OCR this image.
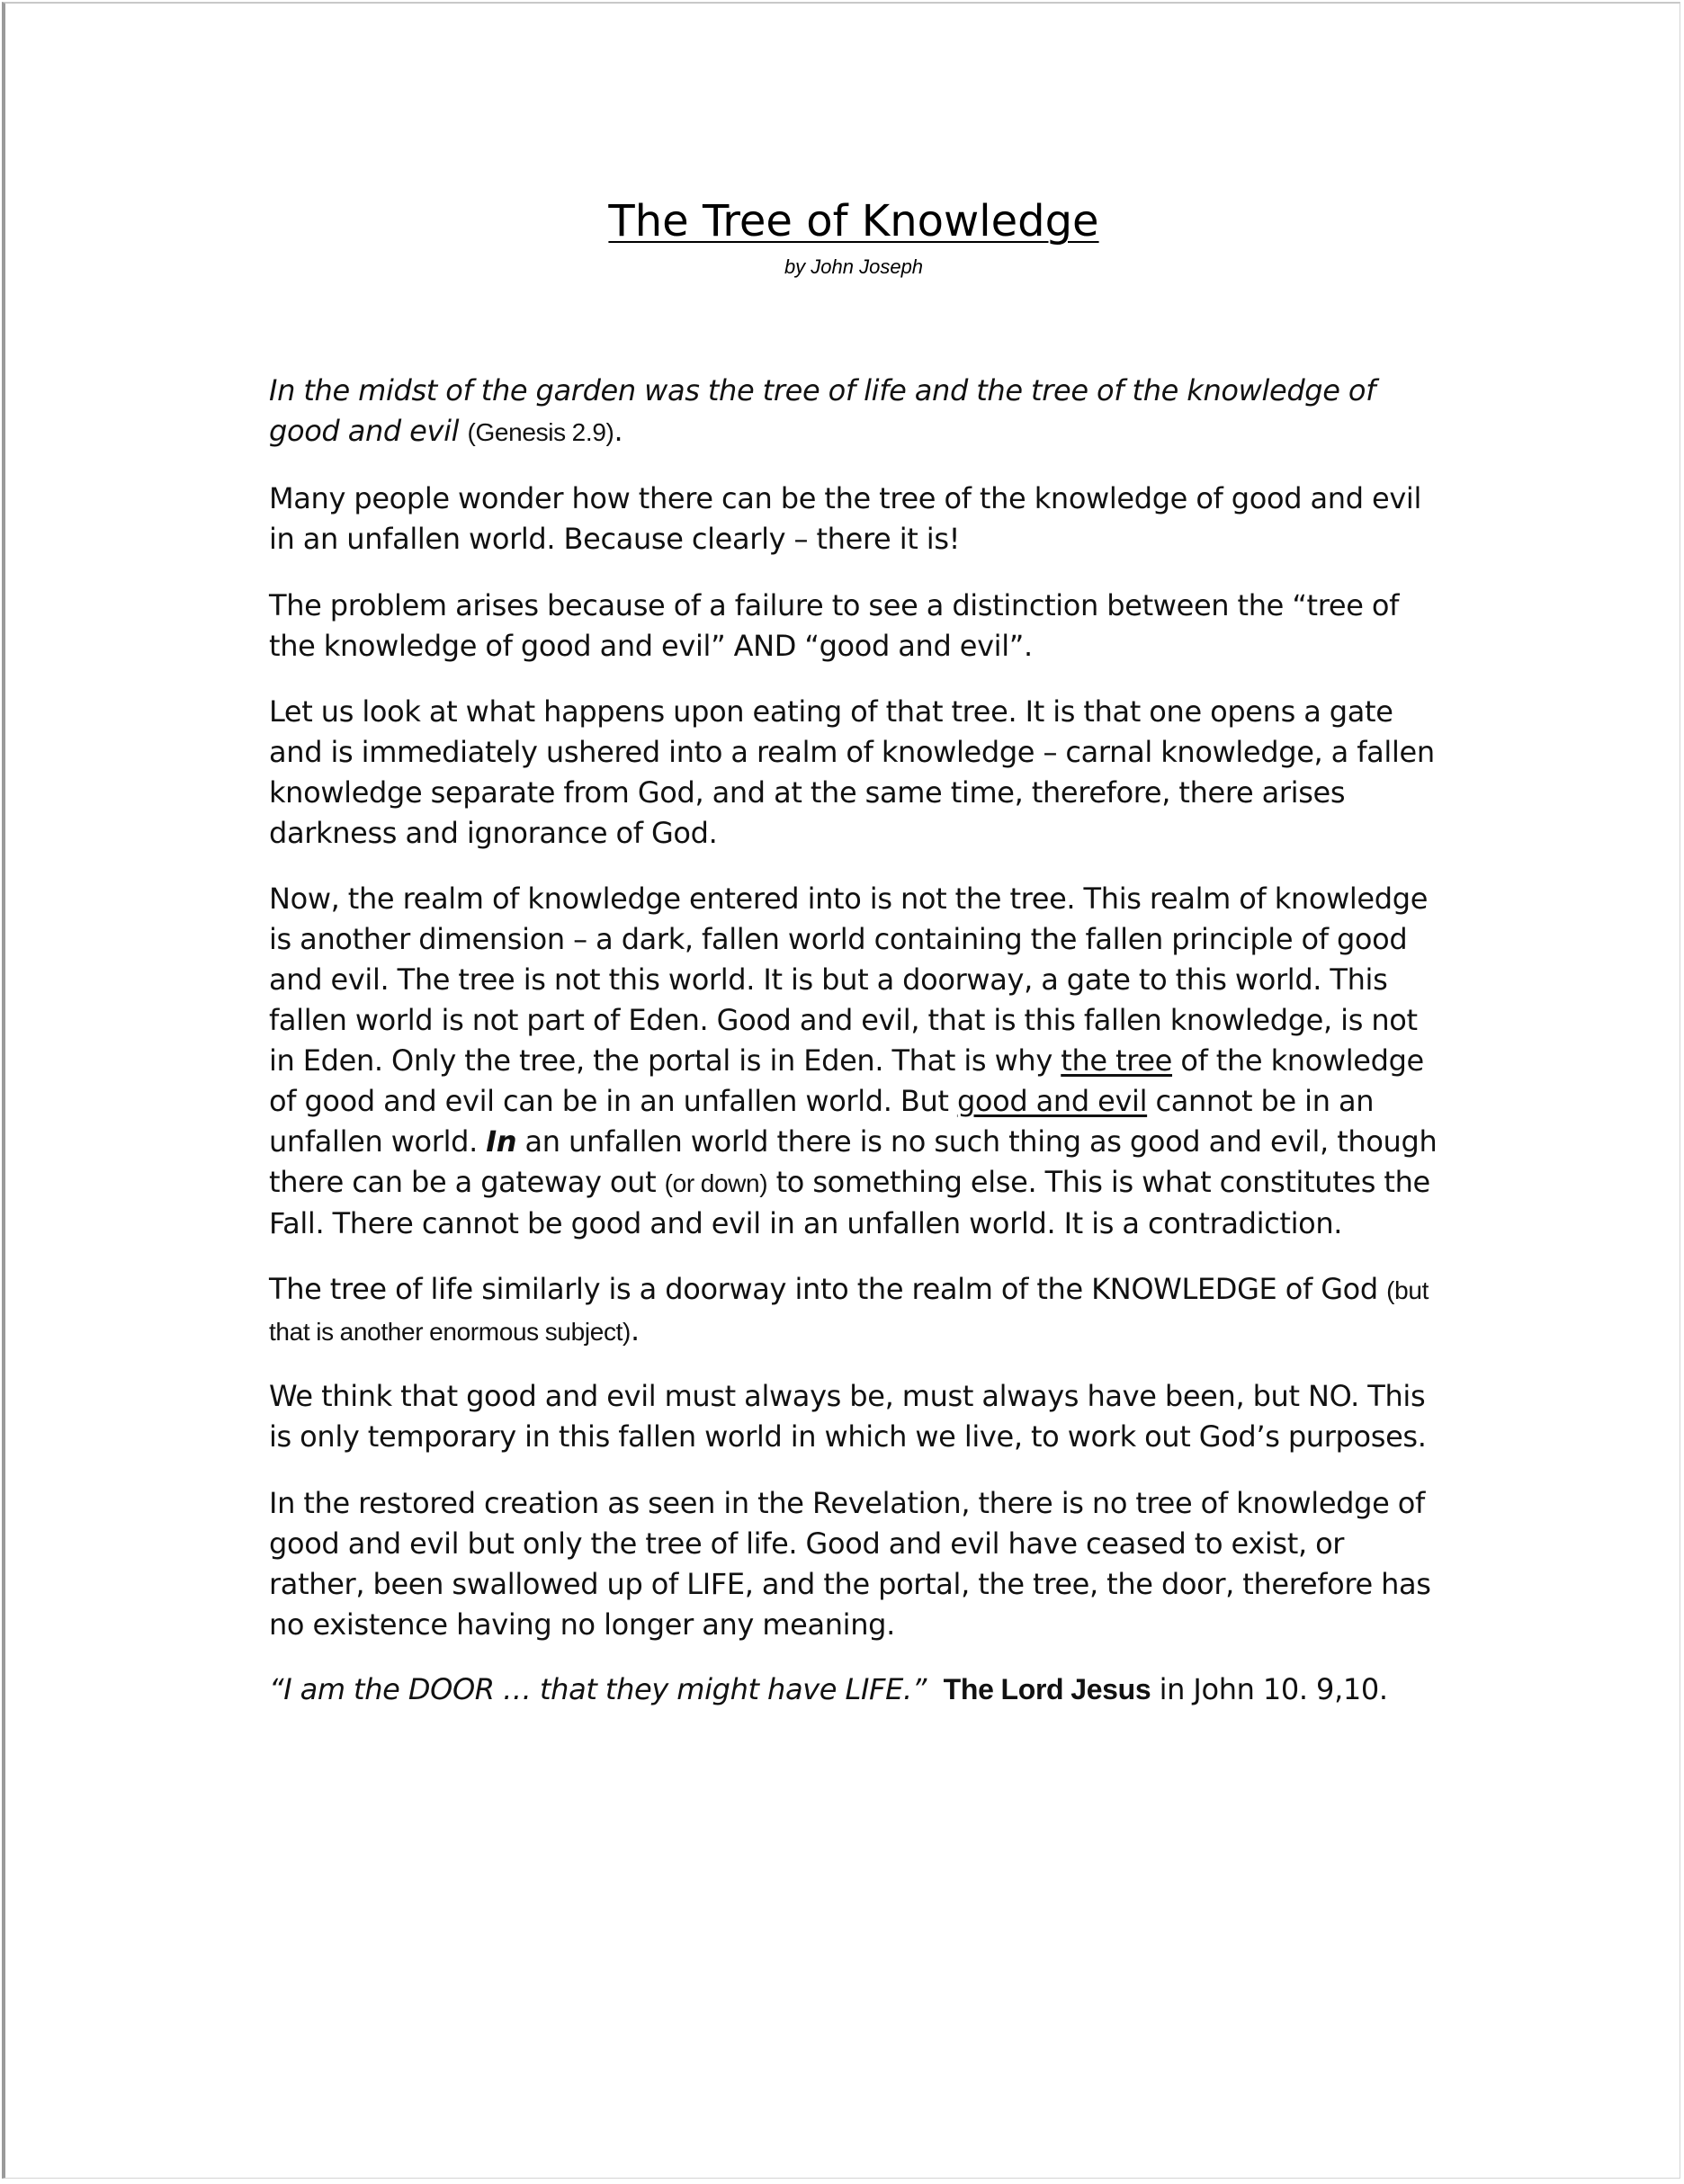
The Tree of Knowledge
by John Joseph

In the midst of the garden was the tree of life and the tree of the knowledge of good and evil (Genesis 2.9).

Many people wonder how there can be the tree of the knowledge of good and evil in an unfallen world. Because clearly – there it is!

The problem arises because of a failure to see a distinction between the “tree of the knowledge of good and evil” AND “good and evil”.

Let us look at what happens upon eating of that tree. It is that one opens a gate and is immediately ushered into a realm of knowledge – carnal knowledge, a fallen knowledge separate from God, and at the same time, therefore, there arises darkness and ignorance of God.

Now, the realm of knowledge entered into is not the tree. This realm of knowledge is another dimension – a dark, fallen world containing the fallen principle of good and evil. The tree is not this world. It is but a doorway, a gate to this world. This fallen world is not part of Eden. Good and evil, that is this fallen knowledge, is not in Eden. Only the tree, the portal is in Eden. That is why the tree of the knowledge of good and evil can be in an unfallen world. But good and evil cannot be in an unfallen world. In an unfallen world there is no such thing as good and evil, though there can be a gateway out (or down) to something else. This is what constitutes the Fall. There cannot be good and evil in an unfallen world. It is a contradiction.

The tree of life similarly is a doorway into the realm of the KNOWLEDGE of God (but that is another enormous subject).

We think that good and evil must always be, must always have been, but NO. This is only temporary in this fallen world in which we live, to work out God’s purposes.

In the restored creation as seen in the Revelation, there is no tree of knowledge of good and evil but only the tree of life. Good and evil have ceased to exist, or rather, been swallowed up of LIFE, and the portal, the tree, the door, therefore has no existence having no longer any meaning.

“I am the DOOR … that they might have LIFE.” The Lord Jesus in John 10. 9,10.
